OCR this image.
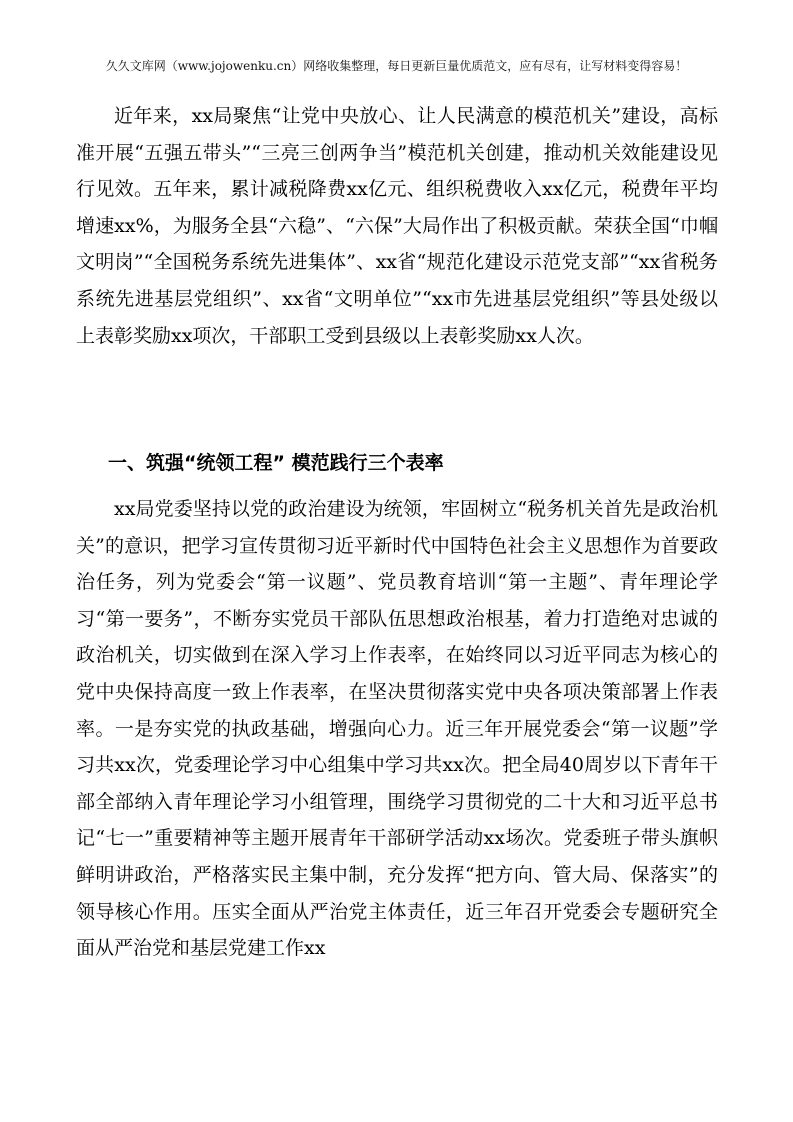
久久文库网（www.jojowenku.cn）网络收集整理，每日更新巨量优质范文，应有尽有，让写材料变得容易！

近年来，xx局聚焦“让党中央放心、让人民满意的模范机关”建设，高标准开展“五强五带头”“三亮三创两争当”模范机关创建，推动机关效能建设见行见效。五年来，累计减税降费xx亿元、组织税费收入xx亿元，税费年平均增速xx%，为服务全县“六稳”、“六保”大局作出了积极贡献。荣获全国“巾帼文明岗”“全国税务系统先进集体”、xx省“规范化建设示范党支部”“xx省税务系统先进基层党组织”、xx省“文明单位”“xx市先进基层党组织”等县处级以上表彰奖励xx项次，干部职工受到县级以上表彰奖励xx人次。

一、筑强“统领工程” 模范践行三个表率

xx局党委坚持以党的政治建设为统领，牢固树立“税务机关首先是政治机关”的意识，把学习宣传贯彻习近平新时代中国特色社会主义思想作为首要政治任务，列为党委会“第一议题”、党员教育培训“第一主题”、青年理论学习“第一要务”，不断夯实党员干部队伍思想政治根基，着力打造绝对忠诚的政治机关，切实做到在深入学习上作表率，在始终同以习近平同志为核心的党中央保持高度一致上作表率，在坚决贯彻落实党中央各项决策部署上作表率。一是夯实党的执政基础，增强向心力。近三年开展党委会“第一议题”学习共xx次，党委理论学习中心组集中学习共xx次。把全局40周岁以下青年干部全部纳入青年理论学习小组管理，围绕学习贯彻党的二十大和习近平总书记“七一”重要精神等主题开展青年干部研学活动xx场次。党委班子带头旗帜鲜明讲政治，严格落实民主集中制，充分发挥“把方向、管大局、保落实”的领导核心作用。压实全面从严治党主体责任，近三年召开党委会专题研究全面从严治党和基层党建工作xx
